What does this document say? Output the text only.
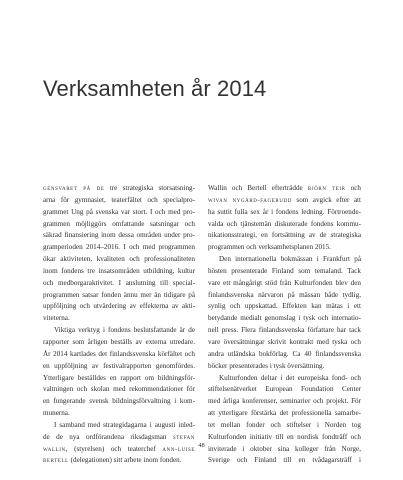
Verksamheten år 2014
gensvaret på de tre strategiska storsatsning-
arna för gymnasiet, teaterfältet och specialpro-
grammet Ung på svenska var stort. I och med pro-
grammen möjliggörs omfattande satsningar och
säkrad finansiering inom dessa områden under pro-
gramperioden 2014–2016. I och med programmen
ökar aktiviteten, kvaliteten och professionaliteten
inom fondens tre insatsområden utbildning, kultur
och medborgaraktivitet. I anslutning till special-
programmen satsar fonden ännu mer än tidigare på
uppföljning och utvärdering av effekterna av akti-
viteterna.
Viktiga verktyg i fondens beslutsfattande är de
rapporter som årligen beställs av externa utredare.
År 2014 kartlades det finlandssvenska körfältet och
en uppföljning av festivalrapporten genomfördes.
Ytterligare beställdes en rapport om bildningsför-
valtningen och skolan med rekommendationer för
en fungerande svensk bildningsförvaltning i kom-
munerna.
I samband med strategidagarna i augusti inled-
de de nya ordförandena riksdagsman stefan
wallin, (styrelsen) och teaterchef ann-luise
bertell (delegationen) sitt arbete inom fonden.
Wallin och Bertell efterträdde björn teir och
wivan nygård-fagerudd som avgick efter att
ha suttit fulla sex år i fondens ledning. Förtroende-
valda och tjänstemän diskuterade fondens kommu-
nikationsstrategi, en fortsättning av de strategiska
programmen och verksamhetsplanen 2015.
Den internationella bokmässan i Frankfurt på
hösten presenterade Finland som temaland. Tack
vare ett mångårigt stöd från Kulturfonden blev den
finlandssvenska närvaron på mässan både tydlig,
synlig och uppskattad. Effekten kan mätas i ett
betydande medialt genomslag i tysk och internatio-
nell press. Flera finlandssvenska författare har tack
vare översättningar skrivit kontrakt med tyska och
andra utländska bokförlag. Ca 40 finlandssvenska
böcker presenterades i tysk översättning.
Kulturfonden deltar i det europeiska fond- och
stiftelsenätverket European Foundation Center
med årliga konferenser, seminarier och projekt. För
att ytterligare förstärka det professionella samarbe-
tet mellan fonder och stiftelser i Norden tog
Kulturfonden initiativ till en nordisk fondträff och
inviterade i oktober sina kolleger från Norge,
Sverige och Finland till en tvådagarsträff i
48
